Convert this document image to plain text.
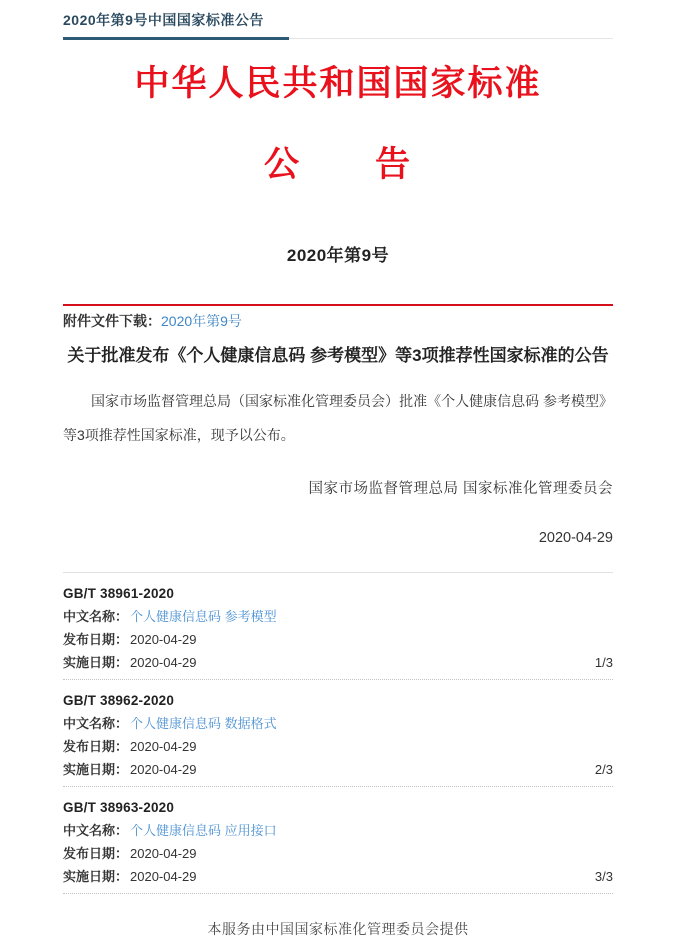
2020年第9号中国国家标准公告
中华人民共和国国家标准
公　　告
2020年第9号
附件文件下载：2020年第9号
关于批准发布《个人健康信息码 参考模型》等3项推荐性国家标准的公告
国家市场监督管理总局（国家标准化管理委员会）批准《个人健康信息码 参考模型》等3项推荐性国家标准，现予以公布。
国家市场监督管理总局 国家标准化管理委员会
2020-04-29
GB/T 38961-2020
中文名称： 个人健康信息码 参考模型
发布日期： 2020-04-29
实施日期： 2020-04-29	1/3
GB/T 38962-2020
中文名称： 个人健康信息码 数据格式
发布日期： 2020-04-29
实施日期： 2020-04-29	2/3
GB/T 38963-2020
中文名称： 个人健康信息码 应用接口
发布日期： 2020-04-29
实施日期： 2020-04-29	3/3
本服务由中国国家标准化管理委员会提供
